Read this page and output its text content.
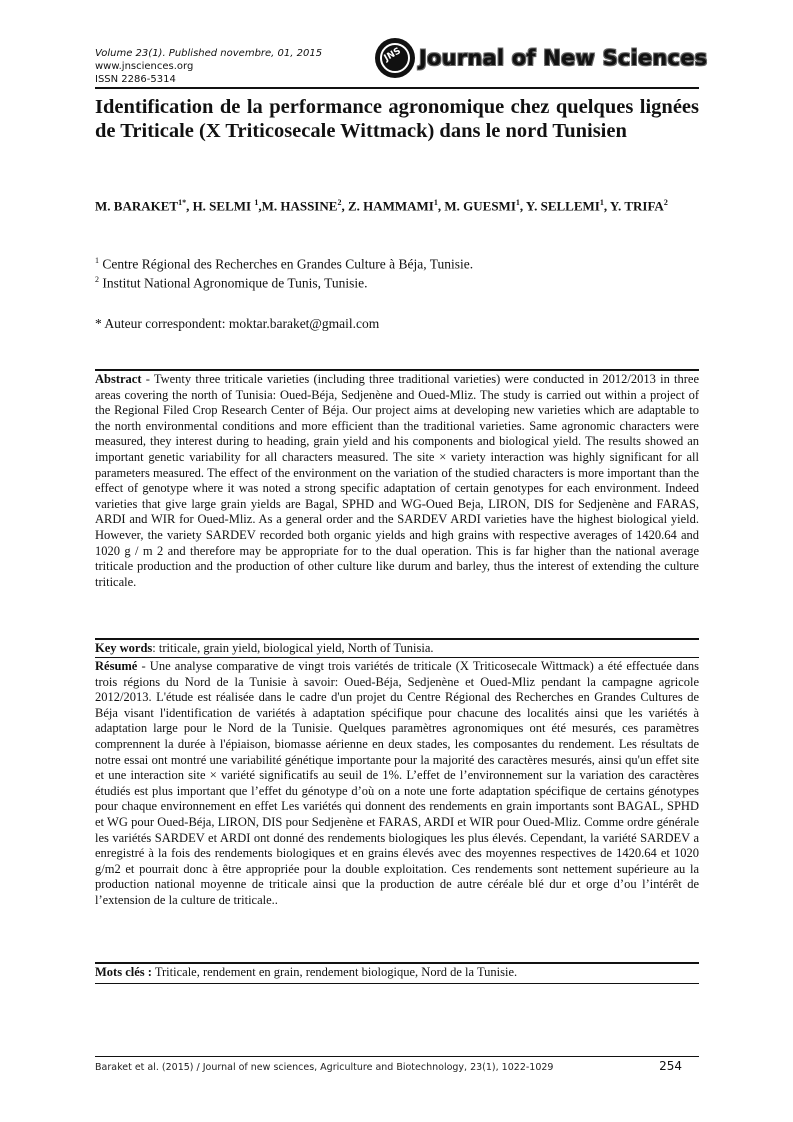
Volume 23(1). Published novembre, 01, 2015
www.jnsciences.org
ISSN 2286-5314
JNS Journal of New Sciences
Identification de la performance agronomique chez quelques lignées de Triticale (X Triticosecale Wittmack) dans le nord Tunisien

M. $BARAKET^{1*}$, H. SELMI $^1$,M. HASSINE$^2$, Z. HAMMAMI$^1$, M. GUESMI$^1$, Y. SELLEMI$^1$, Y. TRIFA$^2$

$^1$ Centre Régional des Recherches en Grandes Culture à Béja, Tunisie.

$^2$ Institut National Agronomique de Tunis, Tunisie.

* Auteur correspondent: moktar.baraket@gmail.com

Abstract - Twenty three triticale varieties (including three traditional varieties) were conducted in 2012/2013 in three areas covering the north of Tunisia: Oued-Béja, Sedjenène and Oued-Mliz. The study is carried out within a project of the Regional Filed Crop Research Center of Béja. Our project aims at developing new varieties which are adaptable to the north environmental conditions and more efficient than the traditional varieties. Same agronomic characters were measured, they interest during to heading, grain yield and his components and biological yield. The results showed an important genetic variability for all characters measured. The site × variety interaction was highly significant for all parameters measured. The effect of the environment on the variation of the studied characters is more important than the effect of genotype where it was noted a strong specific adaptation of certain genotypes for each environment. Indeed varieties that give large grain yields are Bagal, SPHD and WG-Oued Beja, LIRON, DIS for Sedjenène and FARAS, ARDI and WIR for Oued-Mliz. As a general order and the SARDEV ARDI varieties have the highest biological yield. However, the variety SARDEV recorded both organic yields and high grains with respective averages of 1420.64 and 1020 g / m 2 and therefore may be appropriate for to the dual operation. This is far higher than the national average triticale production and the production of other culture like durum and barley, thus the interest of extending the culture triticale.

Key words: triticale, grain yield, biological yield, North of Tunisia.

Résumé - Une analyse comparative de vingt trois variétés de triticale (X Triticosecale Wittmack) a été effectuée dans trois régions du Nord de la Tunisie à savoir: Oued-Béja, Sedjenène et Oued-Mliz pendant la campagne agricole 2012/2013. L'étude est réalisée dans le cadre d'un projet du Centre Régional des Recherches en Grandes Cultures de Béja visant l'identification de variétés à adaptation spécifique pour chacune des localités ainsi que les variétés à adaptation large pour le Nord de la Tunisie. Quelques paramètres agronomiques ont été mesurés, ces paramètres comprennent la durée à l'épiaison, biomasse aérienne en deux stades, les composantes du rendement. Les résultats de notre essai ont montré une variabilité génétique importante pour la majorité des caractères mesurés, ainsi qu'un effet site et une interaction site × variété significatifs au seuil de 1%. L’effet de l’environnement sur la variation des caractères étudiés est plus important que l’effet du génotype d’où on a note une forte adaptation spécifique de certains génotypes pour chaque environnement en effet Les variétés qui donnent des rendements en grain importants sont BAGAL, SPHD et WG pour Oued-Béja, LIRON, DIS pour Sedjenène et FARAS, ARDI et WIR pour Oued-Mliz. Comme ordre générale les variétés SARDEV et ARDI ont donné des rendements biologiques les plus élevés. Cependant, la variété SARDEV a enregistré à la fois des rendements biologiques et en grains élevés avec des moyennes respectives de 1420.64 et 1020 g/m2 et pourrait donc à être appropriée pour la double exploitation. Ces rendements sont nettement supérieure au la production national moyenne de triticale ainsi que la production de autre céréale blé dur et orge d’ou l’intérêt de l’extension de la culture de triticale..

Mots clés : Triticale, rendement en grain, rendement biologique, Nord de la Tunisie.

Baraket et al. (2015) / Journal of new sciences, Agriculture and Biotechnology, 23(1), 1022-1029	254
